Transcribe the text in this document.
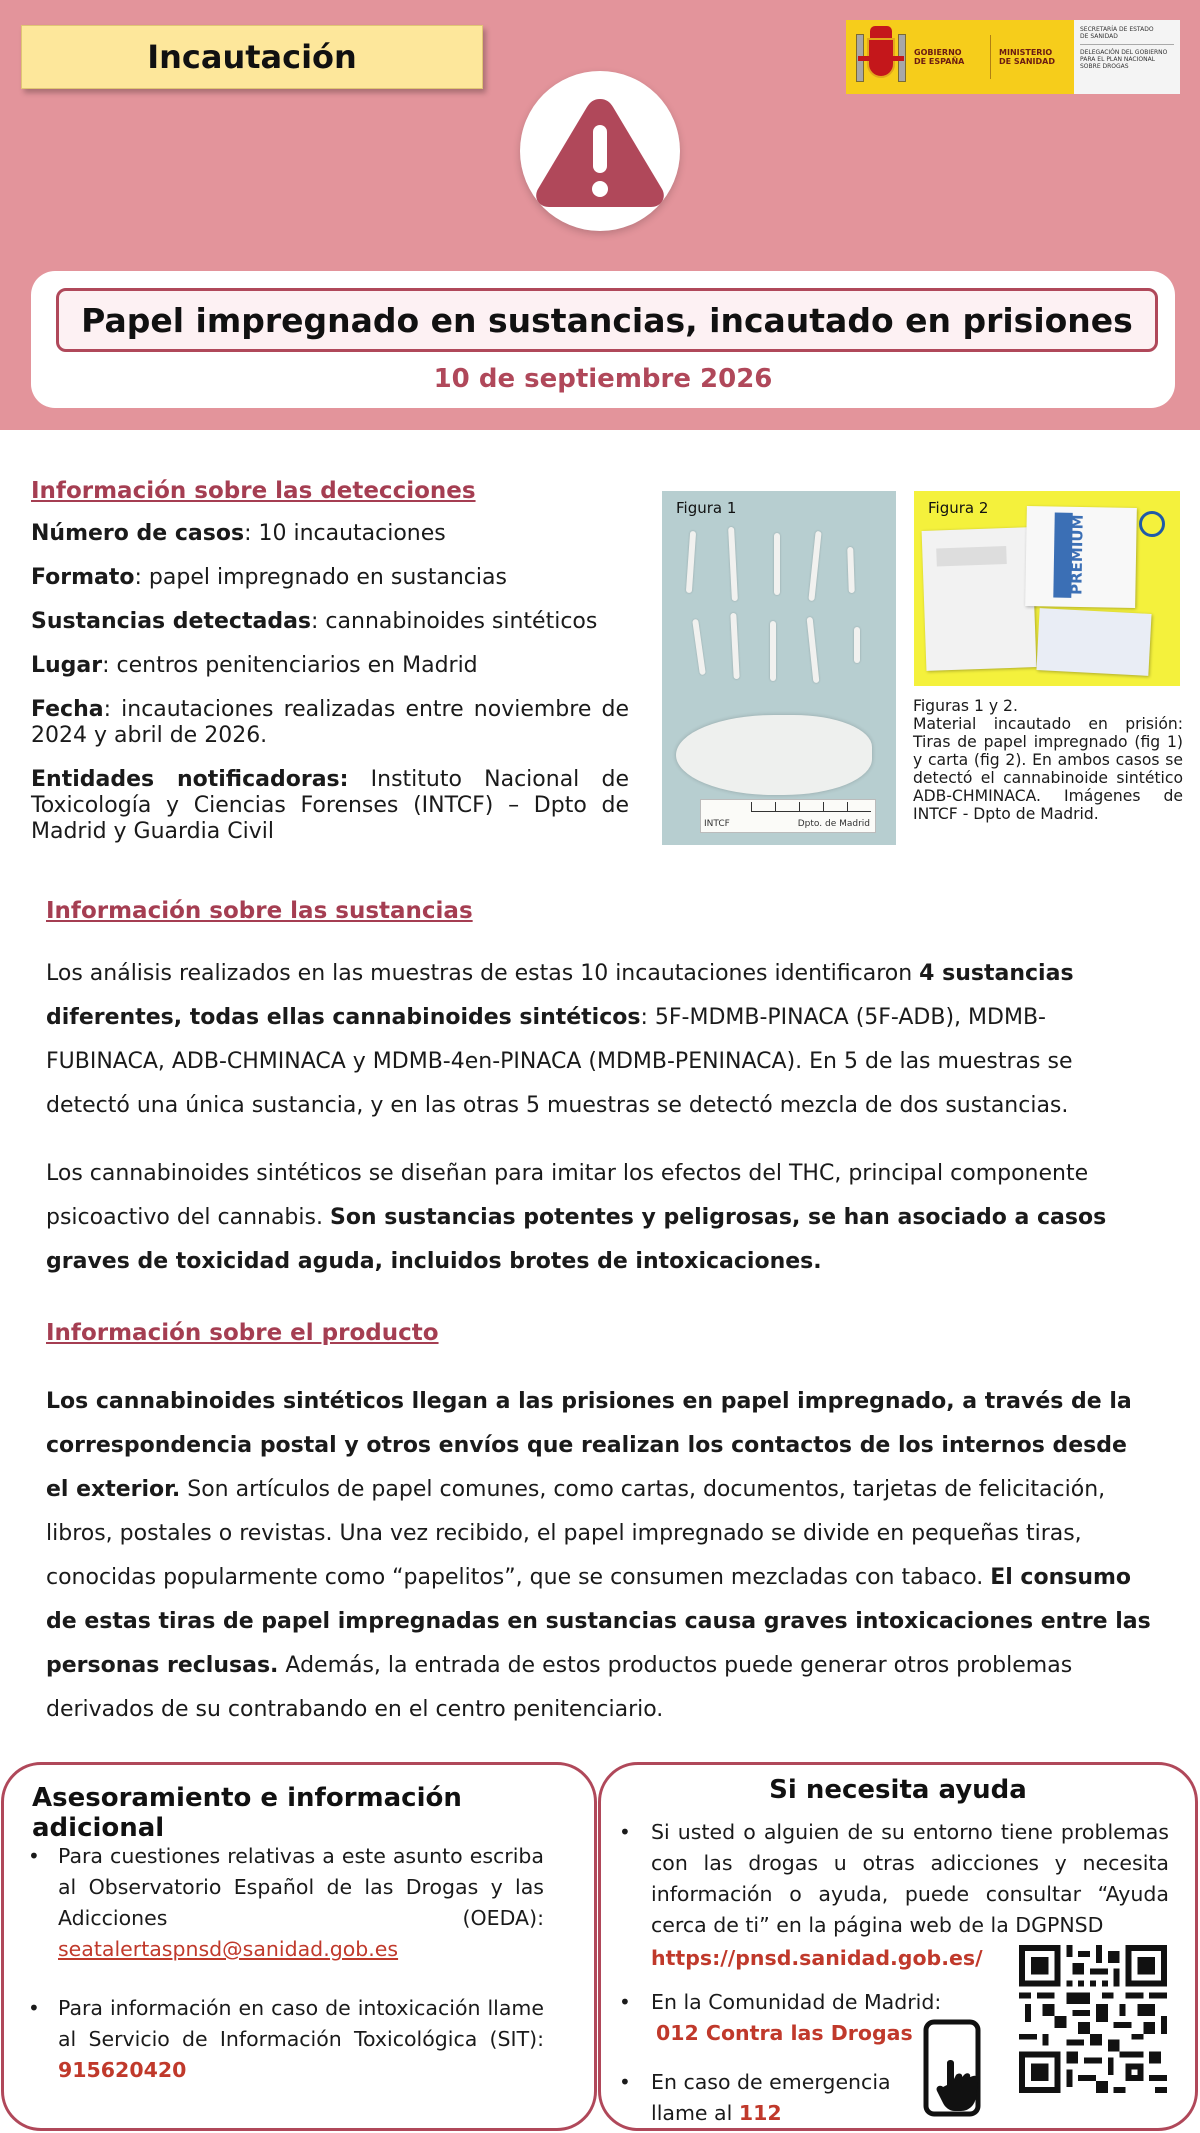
Incautación	GOBIERNO
DE ESPAÑA
MINISTERIO
DE SANIDAD
SECRETARÍA DE ESTADO
DE SANIDAD
DELEGACIÓN DEL GOBIERNO
PARA EL PLAN NACIONAL
SOBRE DROGAS
Papel impregnado en sustancias, incautado en prisiones
10 de septiembre 2026
Información sobre las detecciones

Número de casos: 10 incautaciones

Formato: papel impregnado en sustancias

Sustancias detectadas: cannabinoides sintéticos

Lugar: centros penitenciarios en Madrid

Fecha: incautaciones realizadas entre noviembre de 2024 y abril de 2026.

Entidades notificadoras: Instituto Nacional de Toxicología y Ciencias Forenses (INTCF) – Dpto de Madrid y Guardia Civil

Figura 1
INTCF	Dpto. de Madrid
Figura 2
PREMIUM
Figuras 1 y 2.
Material incautado en prisión: Tiras de papel impregnado (fig 1) y carta (fig 2). En ambos casos se detectó el cannabinoide sintético ADB-CHMINACA. Imágenes de INTCF - Dpto de Madrid.
Información sobre las sustancias
Los análisis realizados en las muestras de estas 10 incautaciones identificaron 4 sustancias diferentes, todas ellas cannabinoides sintéticos: 5F-MDMB-PINACA (5F-ADB), MDMB-FUBINACA, ADB-CHMINACA y MDMB-4en-PINACA (MDMB-PENINACA). En 5 de las muestras se detectó una única sustancia, y en las otras 5 muestras se detectó mezcla de dos sustancias.
Los cannabinoides sintéticos se diseñan para imitar los efectos del THC, principal componente psicoactivo del cannabis. Son sustancias potentes y peligrosas, se han asociado a casos graves de toxicidad aguda, incluidos brotes de intoxicaciones.
Información sobre el producto
Los cannabinoides sintéticos llegan a las prisiones en papel impregnado, a través de la correspondencia postal y otros envíos que realizan los contactos de los internos desde el exterior. Son artículos de papel comunes, como cartas, documentos, tarjetas de felicitación, libros, postales o revistas. Una vez recibido, el papel impregnado se divide en pequeñas tiras, conocidas popularmente como “papelitos”, que se consumen mezcladas con tabaco. El consumo de estas tiras de papel impregnadas en sustancias causa graves intoxicaciones entre las personas reclusas. Además, la entrada de estos productos puede generar otros problemas derivados de su contrabando en el centro penitenciario.
Asesoramiento e información adicional
• Para cuestiones relativas a este asunto escriba al Observatorio Español de las Drogas y las Adicciones (OEDA): seatalertaspnsd@sanidad.gob.es
• Para información en caso de intoxicación llame al Servicio de Información Toxicológica (SIT): 915620420
Si necesita ayuda
• Si usted o alguien de su entorno tiene problemas con las drogas u otras adicciones y necesita información o ayuda, puede consultar “Ayuda cerca de ti” en la página web de la DGPNSD
https://pnsd.sanidad.gob.es/
• En la Comunidad de Madrid:
012 Contra las Drogas
• En caso de emergencia llame al 112
